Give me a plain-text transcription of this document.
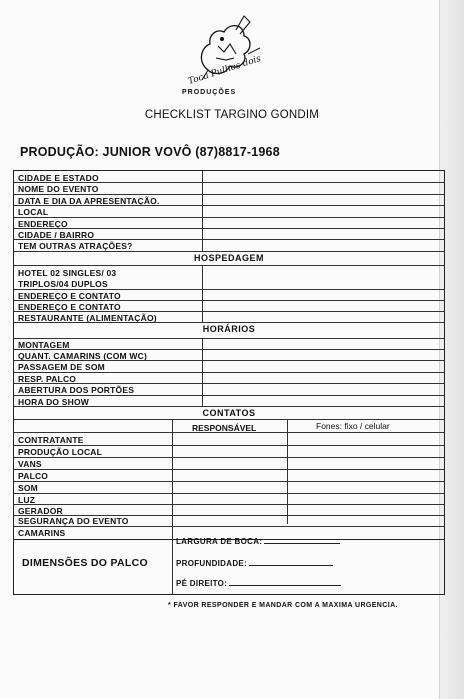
Toca Pulhos dois
PRODUÇÕES
CHECKLIST TARGINO GONDIM
PRODUÇÃO: JUNIOR VOVÔ (87)8817-1968
CIDADE E ESTADO
NOME DO EVENTO
DATA E DIA DA APRESENTAÇÃO.
LOCAL
ENDEREÇO
CIDADE / BAIRRO
TEM OUTRAS ATRAÇÕES?
HOSPEDAGEM
HOTEL 02 SINGLES/ 03
TRIPLOS/04 DUPLOS
ENDEREÇO E CONTATO
ENDEREÇO E CONTATO
RESTAURANTE (ALIMENTAÇÃO)
HORÁRIOS
MONTAGEM
QUANT. CAMARINS (COM WC)
PASSAGEM DE SOM
RESP. PALCO
ABERTURA DOS PORTÕES
HORA DO SHOW
CONTATOS
RESPONSÁVEL	Fones: fixo / celular
CONTRATANTE
PRODUÇÃO LOCAL
VANS
PALCO
SOM
LUZ
GERADOR
SEGURANÇA DO EVENTO
CAMARINS
DIMENSÕES DO PALCO
LARGURA DE BOCA:
PROFUNDIDADE:
PÉ DIREITO:
* FAVOR RESPONDER E MANDAR COM A MAXIMA URGENCIA.
